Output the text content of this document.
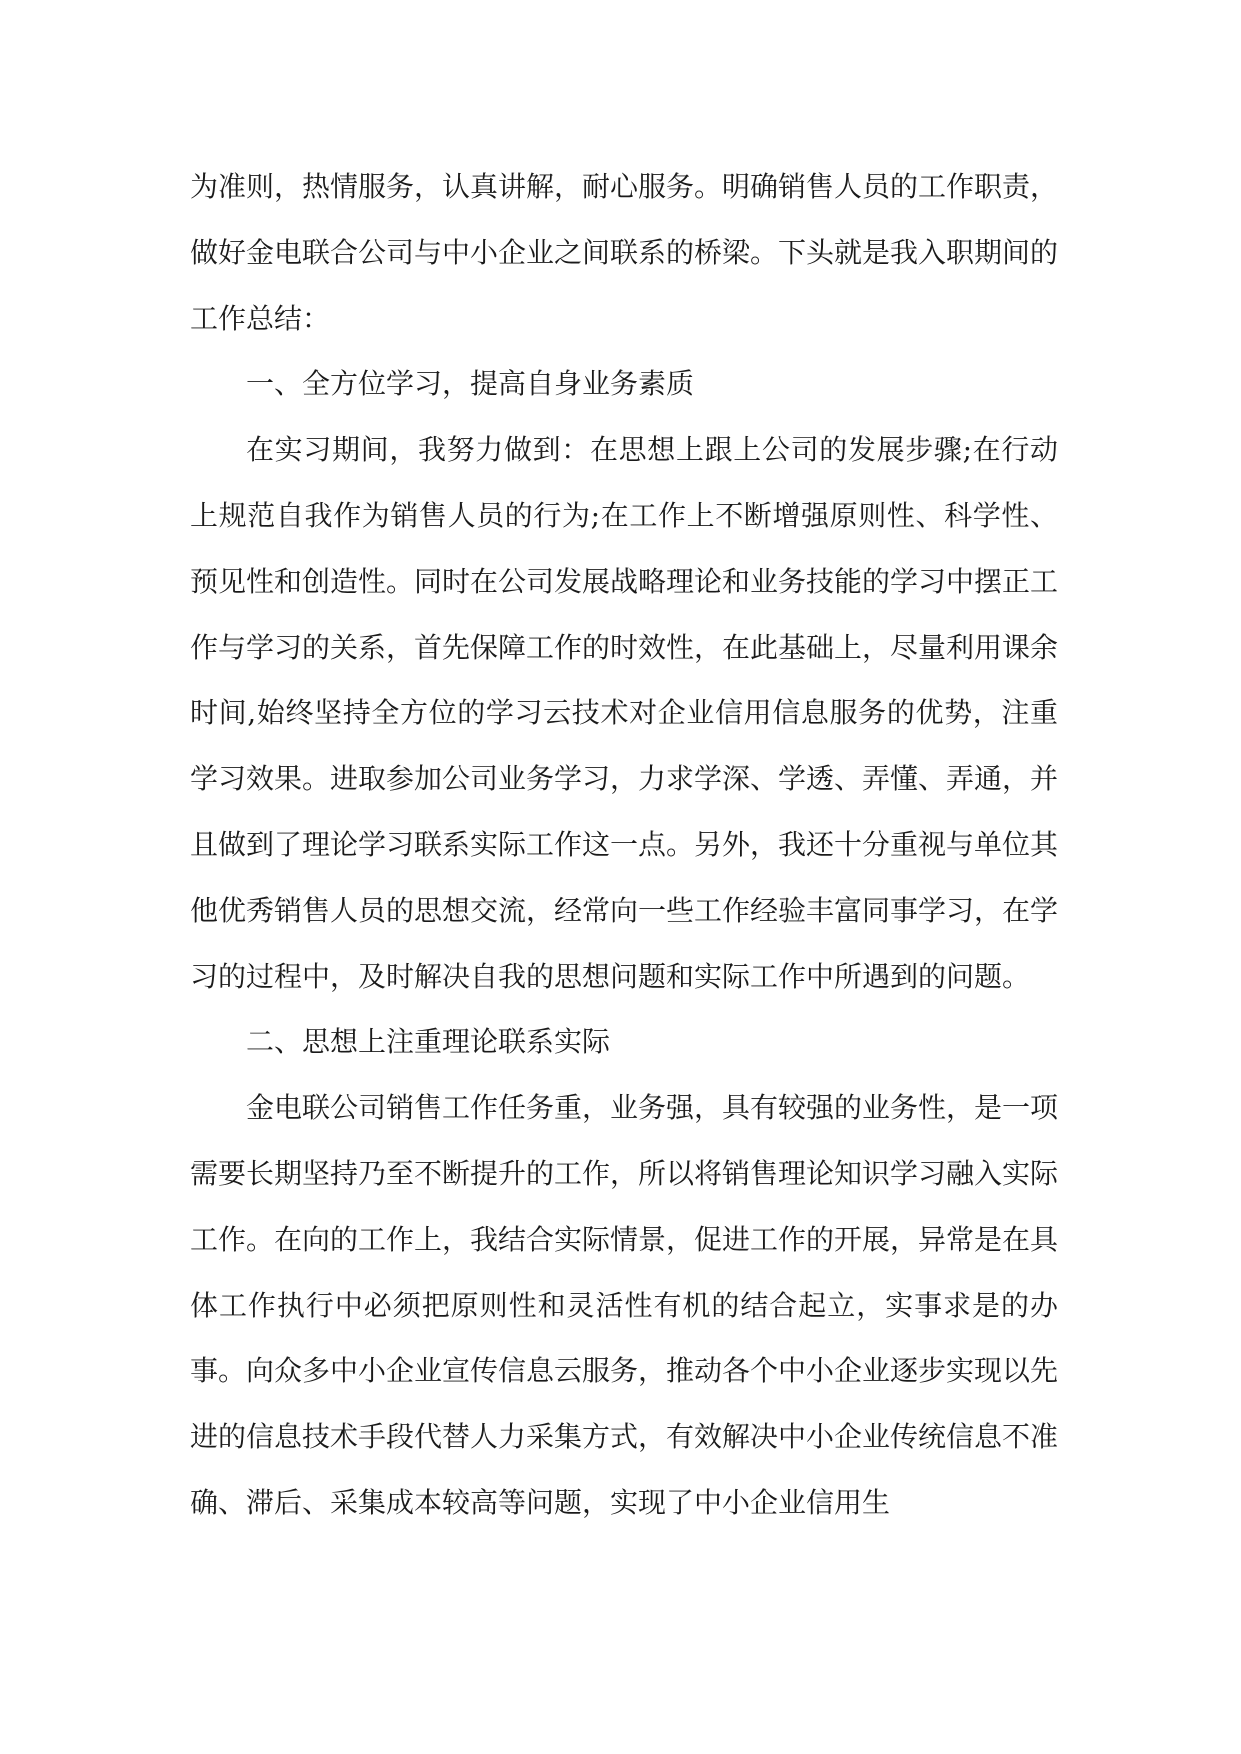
为准则，热情服务，认真讲解，耐心服务。明确销售人员的工作职责，做好金电联合公司与中小企业之间联系的桥梁。下头就是我入职期间的工作总结：

一、全方位学习，提高自身业务素质

在实习期间，我努力做到：在思想上跟上公司的发展步骤;在行动上规范自我作为销售人员的行为;在工作上不断增强原则性、科学性、预见性和创造性。同时在公司发展战略理论和业务技能的学习中摆正工作与学习的关系，首先保障工作的时效性，在此基础上，尽量利用课余时间,始终坚持全方位的学习云技术对企业信用信息服务的优势，注重学习效果。进取参加公司业务学习，力求学深、学透、弄懂、弄通，并且做到了理论学习联系实际工作这一点。另外，我还十分重视与单位其他优秀销售人员的思想交流，经常向一些工作经验丰富同事学习，在学习的过程中，及时解决自我的思想问题和实际工作中所遇到的问题。

二、思想上注重理论联系实际

金电联公司销售工作任务重，业务强，具有较强的业务性，是一项需要长期坚持乃至不断提升的工作，所以将销售理论知识学习融入实际工作。在向的工作上，我结合实际情景，促进工作的开展，异常是在具体工作执行中必须把原则性和灵活性有机的结合起立，实事求是的办事。向众多中小企业宣传信息云服务，推动各个中小企业逐步实现以先进的信息技术手段代替人力采集方式，有效解决中小企业传统信息不准确、滞后、采集成本较高等问题，实现了中小企业信用生
